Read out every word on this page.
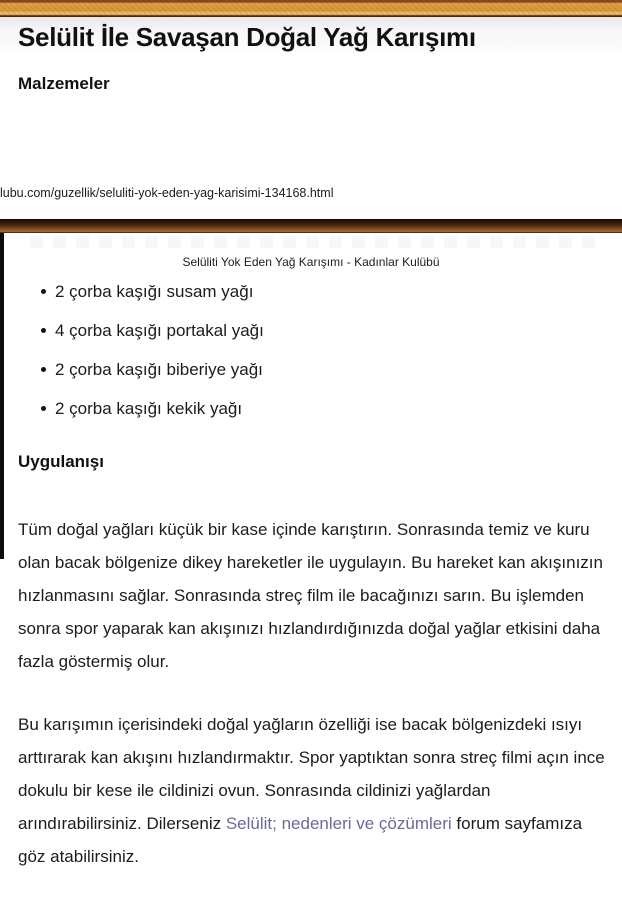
Selülit İle Savaşan Doğal Yağ Karışımı
Malzemeler
lubu.com/guzellik/seluliti-yok-eden-yag-karisimi-134168.html
Selüliti Yok Eden Yağ Karışımı - Kadınlar Kulübü
2 çorba kaşığı susam yağı
4 çorba kaşığı portakal yağı
2 çorba kaşığı biberiye yağı
2 çorba kaşığı kekik yağı
Uygulanışı

Tüm doğal yağları küçük bir kase içinde karıştırın. Sonrasında temiz ve kuru olan bacak bölgenize dikey hareketler ile uygulayın. Bu hareket kan akışınızın hızlanmasını sağlar. Sonrasında streç film ile bacağınızı sarın. Bu işlemden sonra spor yaparak kan akışınızı hızlandırdığınızda doğal yağlar etkisini daha fazla göstermiş olur.

Bu karışımın içerisindeki doğal yağların özelliği ise bacak bölgenizdeki ısıyı arttırarak kan akışını hızlandırmaktır. Spor yaptıktan sonra streç filmi açın ince dokulu bir kese ile cildinizi ovun. Sonrasında cildinizi yağlardan arındırabilirsiniz. Dilerseniz Selülit; nedenleri ve çözümleri forum sayfamıza göz atabilirsiniz.
